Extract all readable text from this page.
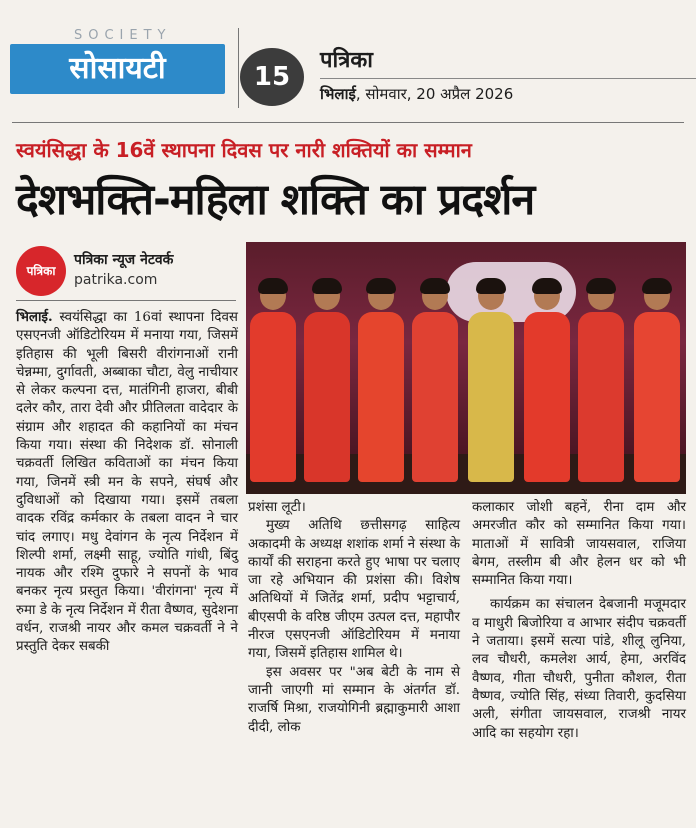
SOCIETY
सोसायटी	15
पत्रिका
भिलाई, सोमवार, 20 अप्रैल 2026
स्वयंसिद्धा के 16वें स्थापना दिवस पर नारी शक्तियों का सम्मान
देशभक्ति-महिला शक्ति का प्रदर्शन
पत्रिका
पत्रिका न्यूज नेटवर्क
patrika.com

भिलाई. स्वयंसिद्धा का 16वां स्थापना दिवस एसएनजी ऑडिटोरियम में मनाया गया, जिसमें इतिहास की भूली बिसरी वीरांगनाओं रानी चेन्नम्मा, दुर्गावती, अब्बाका चौटा, वेलु नाचीयार से लेकर कल्पना दत्त, मातंगिनी हाजरा, बीबी दलेर कौर, तारा देवी और प्रीतिलता वादेदार के संग्राम और शहादत की कहानियों का मंचन किया गया। संस्था की निदेशक डॉ. सोनाली चक्रवर्ती लिखित कविताओं का मंचन किया गया, जिनमें स्त्री मन के सपने, संघर्ष और दुविधाओं को दिखाया गया। इसमें तबला वादक रविंद्र कर्मकार के तबला वादन ने चार चांद लगाए। मधु देवांगन के नृत्य निर्देशन में शिल्पी शर्मा, लक्ष्मी साहू, ज्योति गांधी, बिंदु नायक और रश्मि दुफारे ने सपनों के भाव बनकर नृत्य प्रस्तुत किया। 'वीरांगना' नृत्य में रुमा डे के नृत्य निर्देशन में रीता वैष्णव, सुदेशना वर्धन, राजश्री नायर और कमल चक्रवर्ती ने ने प्रस्तुति देकर सबकी

प्रशंसा लूटी।

मुख्य अतिथि छत्तीसगढ़ साहित्य अकादमी के अध्यक्ष शशांक शर्मा ने संस्था के कार्यों की सराहना करते हुए भाषा पर चलाए जा रहे अभियान की प्रशंसा की। विशेष अतिथियों में जितेंद्र शर्मा, प्रदीप भट्टाचार्य, बीएसपी के वरिष्ठ जीएम उत्पल दत्त, महापौर नीरज एसएनजी ऑडिटोरियम में मनाया गया, जिसमें इतिहास शामिल थे।

इस अवसर पर "अब बेटी के नाम से जानी जाएगी मां सम्मान के अंतर्गत डॉ. राजर्षि मिश्रा, राजयोगिनी ब्रह्माकुमारी आशा दीदी, लोक

कलाकार जोशी बहनें, रीना दाम और अमरजीत कौर को सम्मानित किया गया। माताओं में सावित्री जायसवाल, राजिया बेगम, तस्लीम बी और हेलन धर को भी सम्मानित किया गया।

कार्यक्रम का संचालन देबजानी मजूमदार व माधुरी बिजोरिया व आभार संदीप चक्रवर्ती ने जताया। इसमें सत्या पांडे, शीलू लुनिया, लव चौधरी, कमलेश आर्य, हेमा, अरविंद वैष्णव, गीता चौधरी, पुनीता कौशल, रीता वैष्णव, ज्योति सिंह, संध्या तिवारी, कुदसिया अली, संगीता जायसवाल, राजश्री नायर आदि का सहयोग रहा।
